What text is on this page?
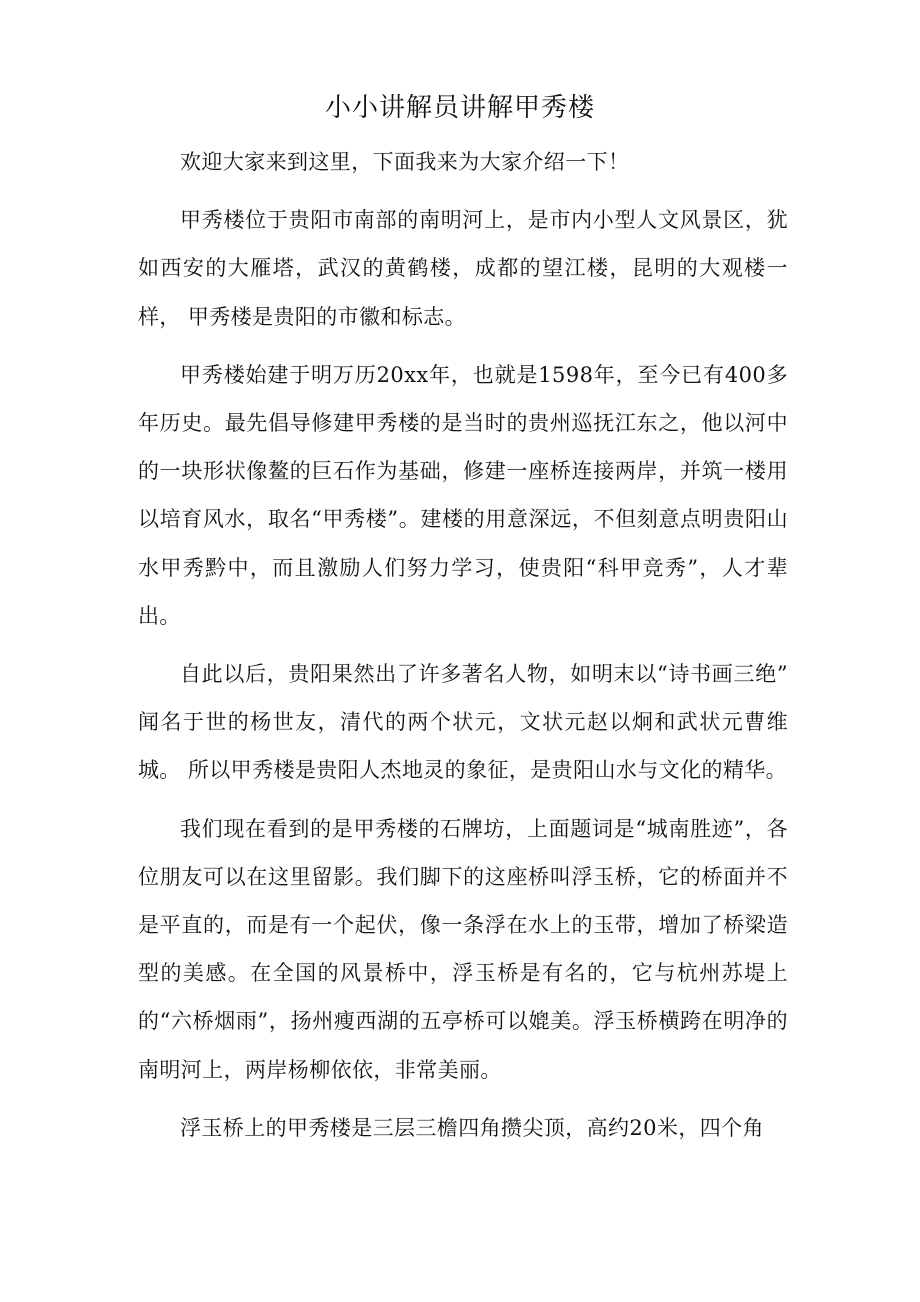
小小讲解员讲解甲秀楼

欢迎大家来到这里，下面我来为大家介绍一下！

甲秀楼位于贵阳市南部的南明河上，是市内小型人文风景区，犹如西安的大雁塔，武汉的黄鹤楼，成都的望江楼，昆明的大观楼一样， 甲秀楼是贵阳的市徽和标志。

甲秀楼始建于明万历20xx年，也就是1598年，至今已有400多 年历史。最先倡导修建甲秀楼的是当时的贵州巡抚江东之，他以河中的一块形状像鳌的巨石作为基础，修建一座桥连接两岸，并筑一楼用以培育风水，取名“甲秀楼”。建楼的用意深远，不但刻意点明贵阳山水甲秀黔中，而且激励人们努力学习，使贵阳“科甲竞秀”，人才辈出。

自此以后，贵阳果然出了许多著名人物，如明末以“诗书画三绝” 闻名于世的杨世友，清代的两个状元，文状元赵以炯和武状元曹维城。 所以甲秀楼是贵阳人杰地灵的象征，是贵阳山水与文化的精华。

我们现在看到的是甲秀楼的石牌坊，上面题词是“城南胜迹”，各位朋友可以在这里留影。我们脚下的这座桥叫浮玉桥，它的桥面并不是平直的，而是有一个起伏，像一条浮在水上的玉带，增加了桥梁造型的美感。在全国的风景桥中，浮玉桥是有名的，它与杭州苏堤上的“六桥烟雨”，扬州瘦西湖的五亭桥可以媲美。浮玉桥横跨在明净的南明河上，两岸杨柳依依，非常美丽。

浮玉桥上的甲秀楼是三层三檐四角攒尖顶，高约20米，四个角
